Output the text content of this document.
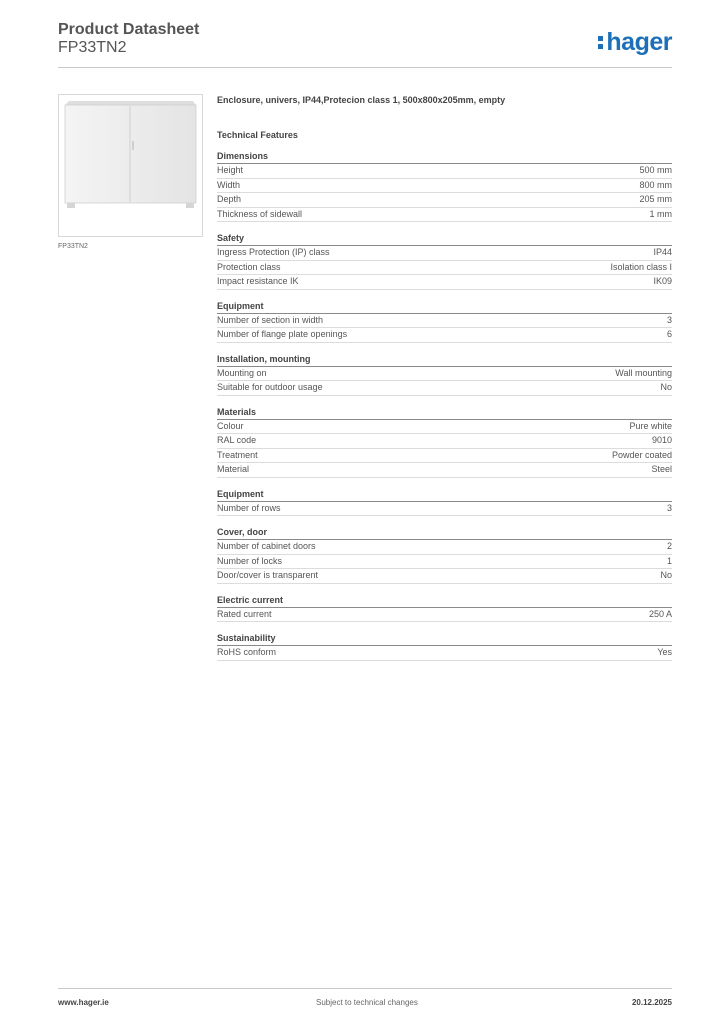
Product Datasheet
FP33TN2	hager
FP33TN2
Enclosure, univers, IP44,Protecion class 1, 500x800x205mm, empty
Technical Features
Dimensions
Height	500 mm
Width	800 mm
Depth	205 mm
Thickness of sidewall	1 mm
Safety
Ingress Protection (IP) class	IP44
Protection class	Isolation class I
Impact resistance IK	IK09
Equipment
Number of section in width	3
Number of flange plate openings	6
Installation, mounting
Mounting on	Wall mounting
Suitable for outdoor usage	No
Materials
Colour	Pure white
RAL code	9010
Treatment	Powder coated
Material	Steel
Equipment
Number of rows	3
Cover, door
Number of cabinet doors	2
Number of locks	1
Door/cover is transparent	No
Electric current
Rated current	250 A
Sustainability
RoHS conform	Yes
www.hager.ie	Subject to technical changes	20.12.2025
